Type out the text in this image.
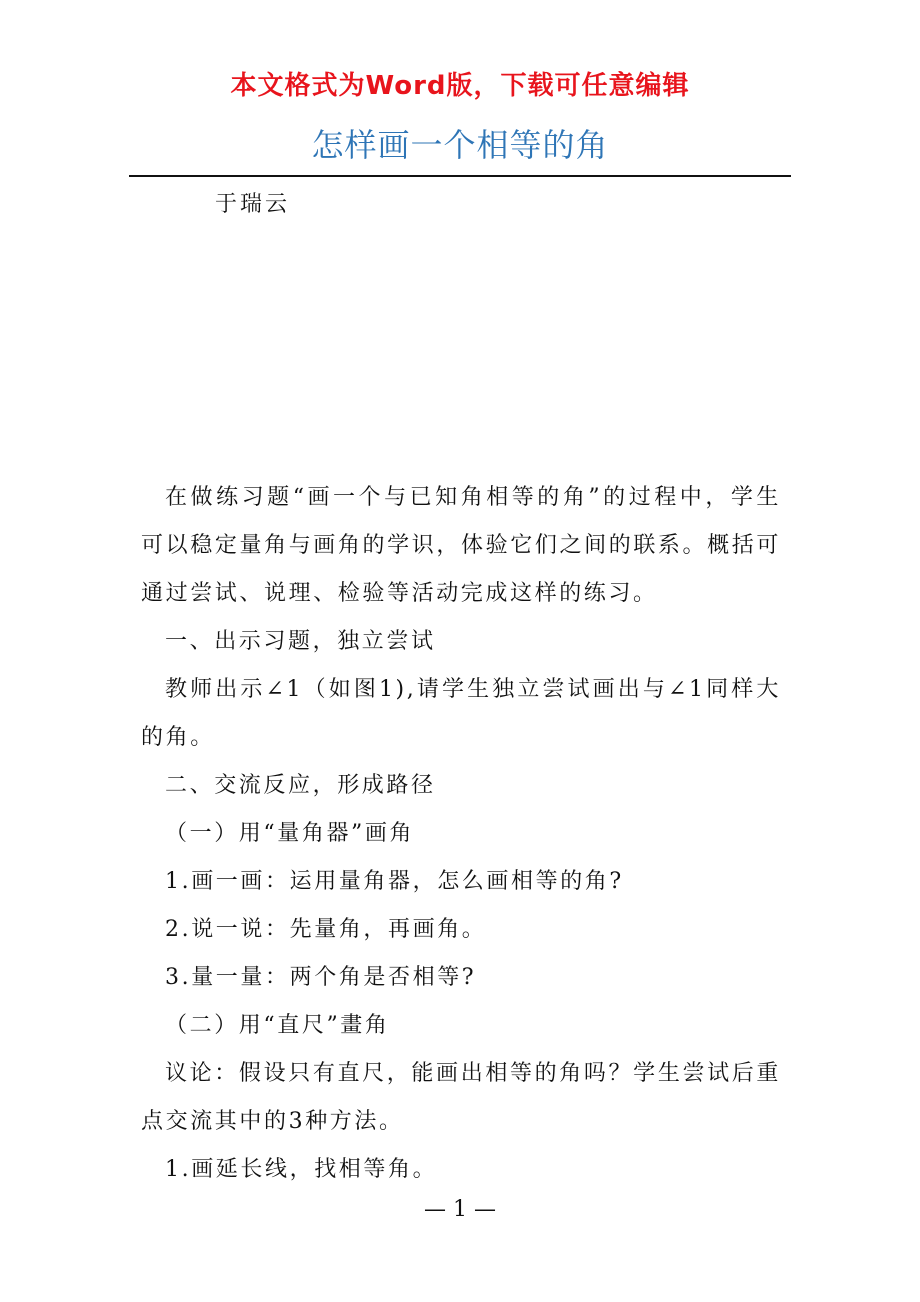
本文格式为Word版，下载可任意编辑
怎样画一个相等的角
于瑞云

在做练习题“画一个与已知角相等的角”的过程中，学生可以稳定量角与画角的学识，体验它们之间的联系。概括可通过尝试、说理、检验等活动完成这样的练习。

一、出示习题，独立尝试

教师出示∠1（如图1),请学生独立尝试画出与∠1同样大的角。

二、交流反应，形成路径

（一）用“量角器”画角

1.画一画：运用量角器，怎么画相等的角?

2.说一说：先量角，再画角。

3.量一量：两个角是否相等?

（二）用“直尺”畫角

议论：假设只有直尺，能画出相等的角吗？学生尝试后重点交流其中的3种方法。

1.画延长线，找相等角。

— 1 —
